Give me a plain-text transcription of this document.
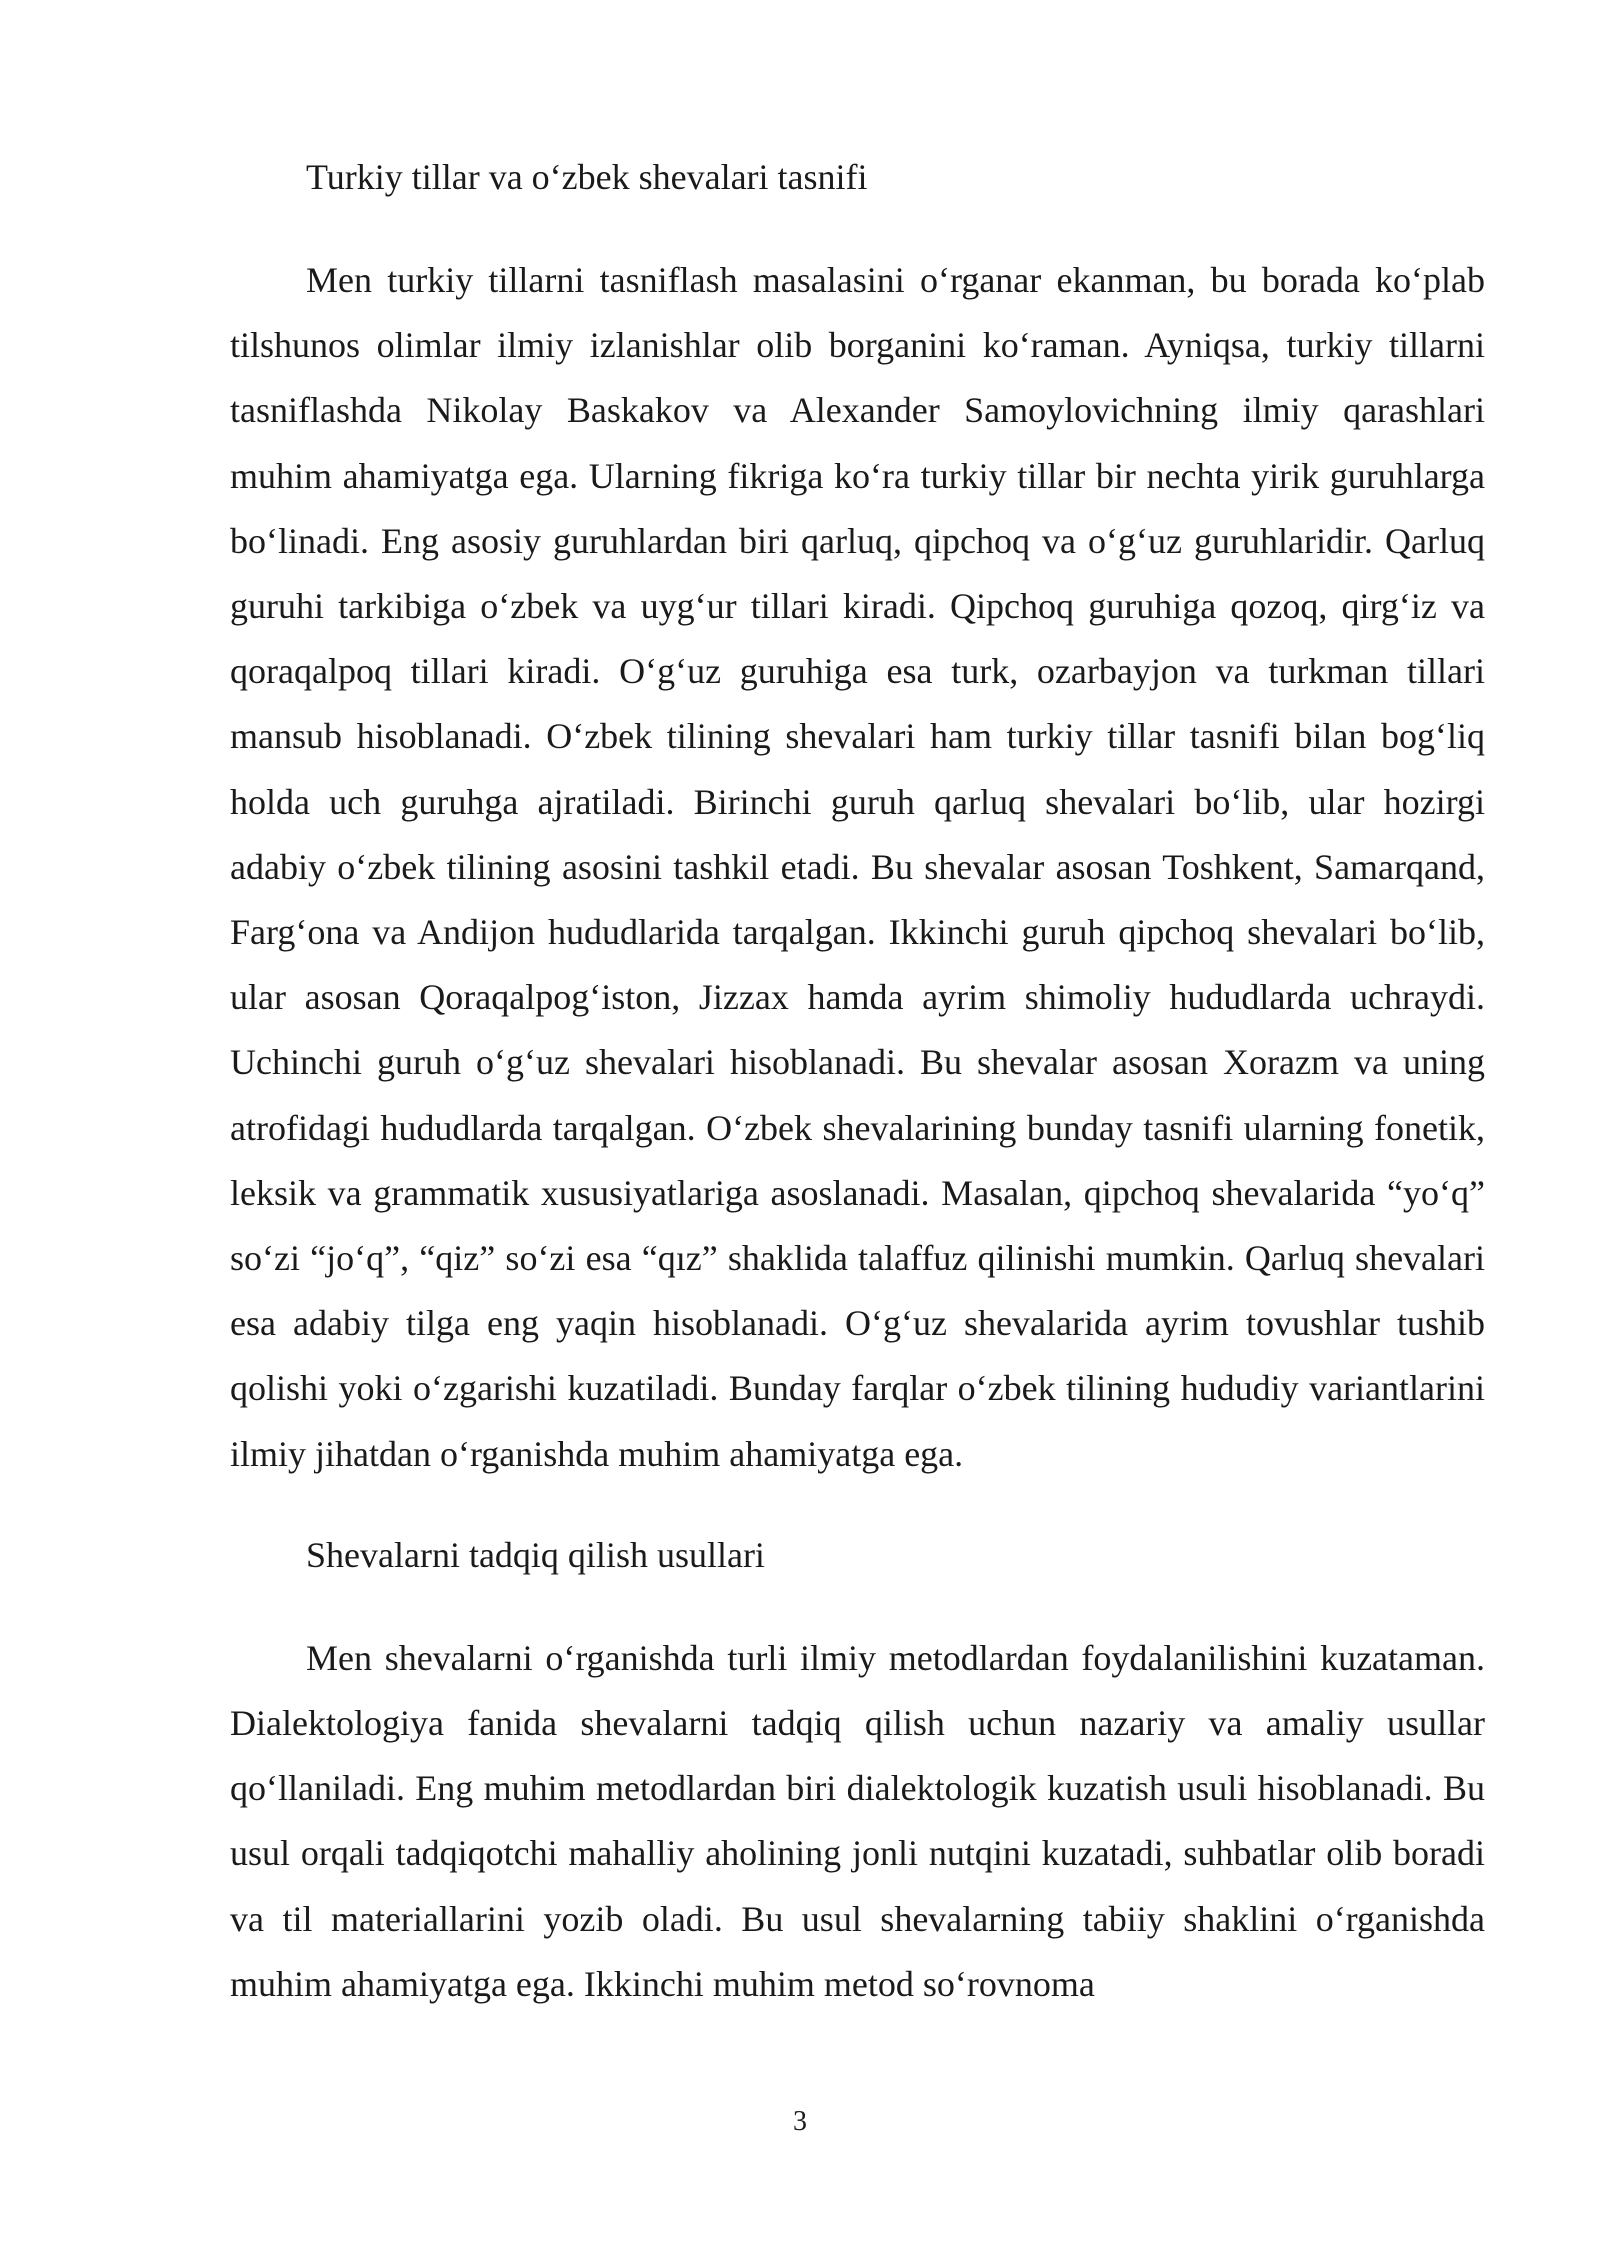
Turkiy tillar va o‘zbek shevalari tasnifi

Men turkiy tillarni tasniflash masalasini o‘rganar ekanman, bu borada ko‘plab tilshunos olimlar ilmiy izlanishlar olib borganini ko‘raman. Ayniqsa, turkiy tillarni tasniflashda Nikolay Baskakov va Alexander Samoylovichning ilmiy qarashlari muhim ahamiyatga ega. Ularning fikriga ko‘ra turkiy tillar bir nechta yirik guruhlarga bo‘linadi. Eng asosiy guruhlardan biri qarluq, qipchoq va o‘g‘uz guruhlaridir. Qarluq guruhi tarkibiga o‘zbek va uyg‘ur tillari kiradi. Qipchoq guruhiga qozoq, qirg‘iz va qoraqalpoq tillari kiradi. O‘g‘uz guruhiga esa turk, ozarbayjon va turkman tillari mansub hisoblanadi. O‘zbek tilining shevalari ham turkiy tillar tasnifi bilan bog‘liq holda uch guruhga ajratiladi. Birinchi guruh qarluq shevalari bo‘lib, ular hozirgi adabiy o‘zbek tilining asosini tashkil etadi. Bu shevalar asosan Toshkent, Samarqand, Farg‘ona va Andijon hududlarida tarqalgan. Ikkinchi guruh qipchoq shevalari bo‘lib, ular asosan Qoraqalpog‘iston, Jizzax hamda ayrim shimoliy hududlarda uchraydi. Uchinchi guruh o‘g‘uz shevalari hisoblanadi. Bu shevalar asosan Xorazm va uning atrofidagi hududlarda tarqalgan. O‘zbek shevalarining bunday tasnifi ularning fonetik, leksik va grammatik xususiyatlariga asoslanadi. Masalan, qipchoq shevalarida “yo‘q” so‘zi “jo‘q”, “qiz” so‘zi esa “qız” shaklida talaffuz qilinishi mumkin. Qarluq shevalari esa adabiy tilga eng yaqin hisoblanadi. O‘g‘uz shevalarida ayrim tovushlar tushib qolishi yoki o‘zgarishi kuzatiladi. Bunday farqlar o‘zbek tilining hududiy variantlarini ilmiy jihatdan o‘rganishda muhim ahamiyatga ega.

Shevalarni tadqiq qilish usullari

Men shevalarni o‘rganishda turli ilmiy metodlardan foydalanilishini kuzataman. Dialektologiya fanida shevalarni tadqiq qilish uchun nazariy va amaliy usullar qo‘llaniladi. Eng muhim metodlardan biri dialektologik kuzatish usuli hisoblanadi. Bu usul orqali tadqiqotchi mahalliy aholining jonli nutqini kuzatadi, suhbatlar olib boradi va til materiallarini yozib oladi. Bu usul shevalarning tabiiy shaklini o‘rganishda muhim ahamiyatga ega. Ikkinchi muhim metod so‘rovnoma

3
